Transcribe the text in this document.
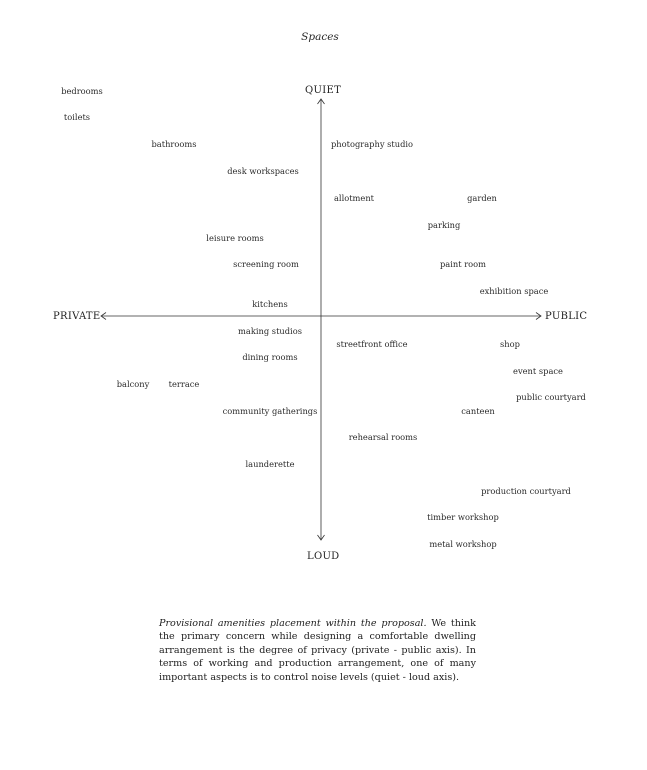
Spaces
QUIET
LOUD
PRIVATE	PUBLIC
bedrooms
toilets
bathrooms
desk workspaces
leisure rooms
screening room
kitchens
photography studio
allotment	garden
parking
paint room
exhibition space
making studios
dining rooms
balcony terrace
community gatherings
launderette
streetfront office	shop
event space
public courtyard
canteen
rehearsal rooms
production courtyard
timber workshop
metal workshop
Provisional amenities placement within the proposal. We think the primary concern while designing a comfortable dwelling arrangement is the degree of privacy (private - public axis). In terms of working and production arrangement, one of many important aspects is to control noise levels (quiet - loud axis).
